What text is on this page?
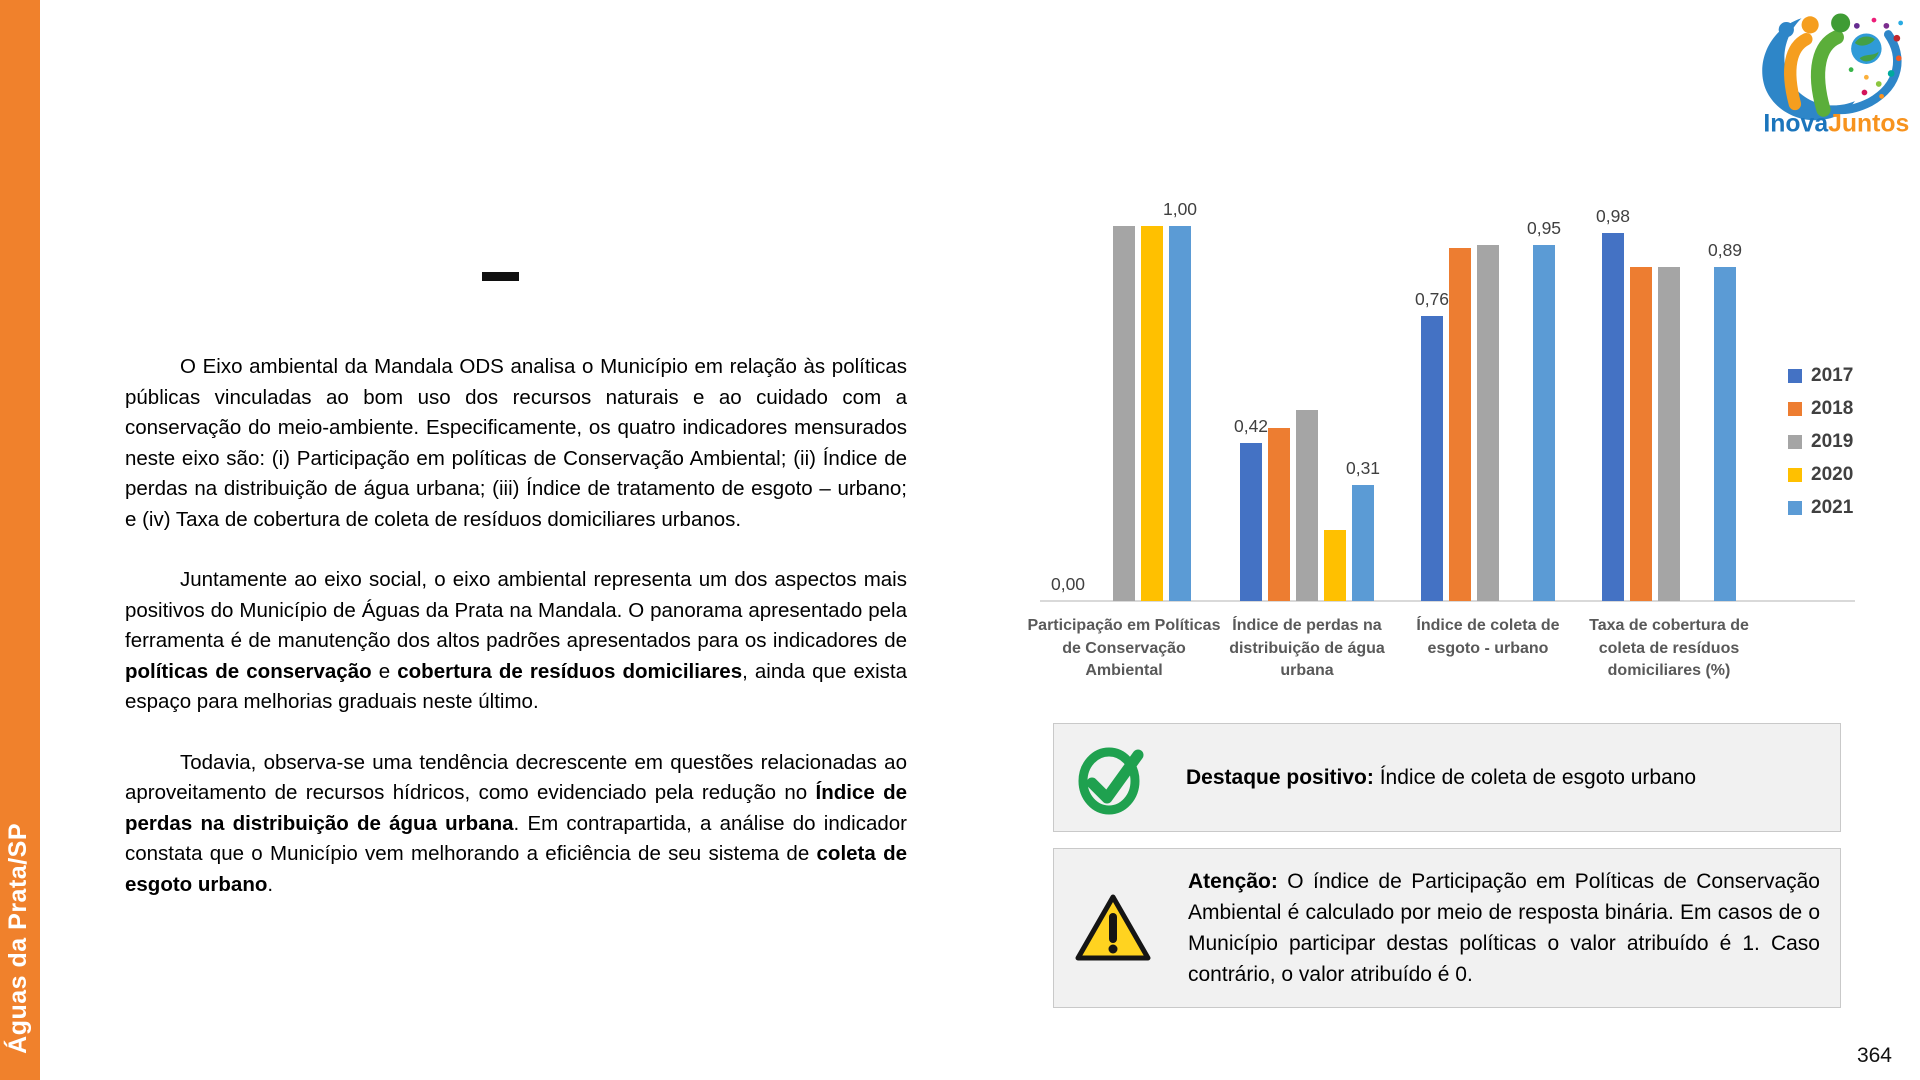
Águas da Prata/SP
InovaJuntos

O Eixo ambiental da Mandala ODS analisa o Município em relação às políticas públicas vinculadas ao bom uso dos recursos naturais e ao cuidado com a conservação do meio-ambiente. Especificamente, os quatro indicadores mensurados neste eixo são: (i) Participação em políticas de Conservação Ambiental; (ii) Índice de perdas na distribuição de água urbana; (iii) Índice de tratamento de esgoto – urbano; e (iv) Taxa de cobertura de coleta de resíduos domiciliares urbanos.

Juntamente ao eixo social, o eixo ambiental representa um dos aspectos mais positivos do Município de Águas da Prata na Mandala. O panorama apresentado pela ferramenta é de manutenção dos altos padrões apresentados para os indicadores de políticas de conservação e cobertura de resíduos domiciliares, ainda que exista espaço para melhorias graduais neste último.

Todavia, observa-se uma tendência decrescente em questões relacionadas ao aproveitamento de recursos hídricos, como evidenciado pela redução no Índice de perdas na distribuição de água urbana. Em contrapartida, a análise do indicador constata que o Município vem melhorando a eficiência de seu sistema de coleta de esgoto urbano.

0,00
1,00
0,42
0,31
0,76
0,95
0,98
0,89
Participação em Políticas de Conservação Ambiental
Índice de perdas na distribuição de água urbana
Índice de coleta de esgoto - urbano
Taxa de cobertura de coleta de resíduos domiciliares (%)
2017
2018
2019
2020
2021
Destaque positivo: Índice de coleta de esgoto urbano
Atenção: O índice de Participação em Políticas de Conservação Ambiental é calculado por meio de resposta binária. Em casos de o Município participar destas políticas o valor atribuído é 1. Caso contrário, o valor atribuído é 0.
364
